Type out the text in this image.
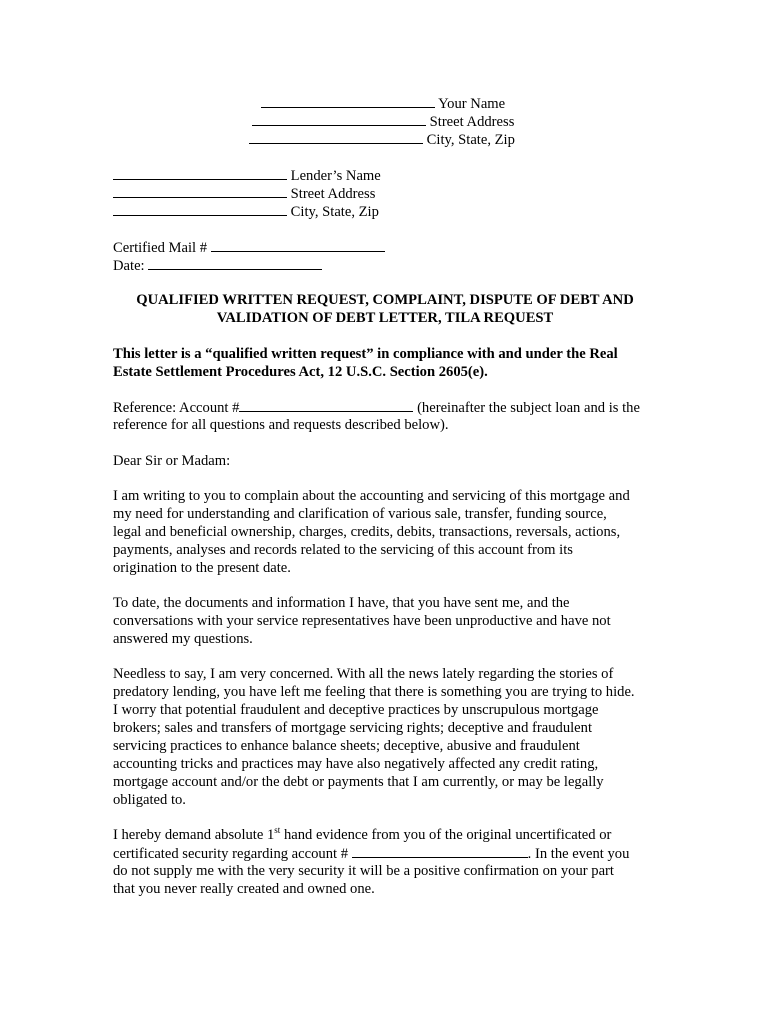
Your Name
Street Address
City, State, Zip
Lender’s Name
Street Address
City, State, Zip
Certified Mail #
Date:
QUALIFIED WRITTEN REQUEST, COMPLAINT, DISPUTE OF DEBT AND
VALIDATION OF DEBT LETTER, TILA REQUEST
This letter is a “qualified written request” in compliance with and under the Real
Estate Settlement Procedures Act, 12 U.S.C. Section 2605(e).
Reference: Account #	(hereinafter the subject loan and is the
reference for all questions and requests described below).
Dear Sir or Madam:
I am writing to you to complain about the accounting and servicing of this mortgage and
my need for understanding and clarification of various sale, transfer, funding source,
legal and beneficial ownership, charges, credits, debits, transactions, reversals, actions,
payments, analyses and records related to the servicing of this account from its
origination to the present date.
To date, the documents and information I have, that you have sent me, and the
conversations with your service representatives have been unproductive and have not
answered my questions.
Needless to say, I am very concerned. With all the news lately regarding the stories of
predatory lending, you have left me feeling that there is something you are trying to hide.
I worry that potential fraudulent and deceptive practices by unscrupulous mortgage
brokers; sales and transfers of mortgage servicing rights; deceptive and fraudulent
servicing practices to enhance balance sheets; deceptive, abusive and fraudulent
accounting tricks and practices may have also negatively affected any credit rating,
mortgage account and/or the debt or payments that I am currently, or may be legally
obligated to.
I hereby demand absolute 1st hand evidence from you of the original uncertificated or
certificated security regarding account #	. In the event you
do not supply me with the very security it will be a positive confirmation on your part
that you never really created and owned one.
